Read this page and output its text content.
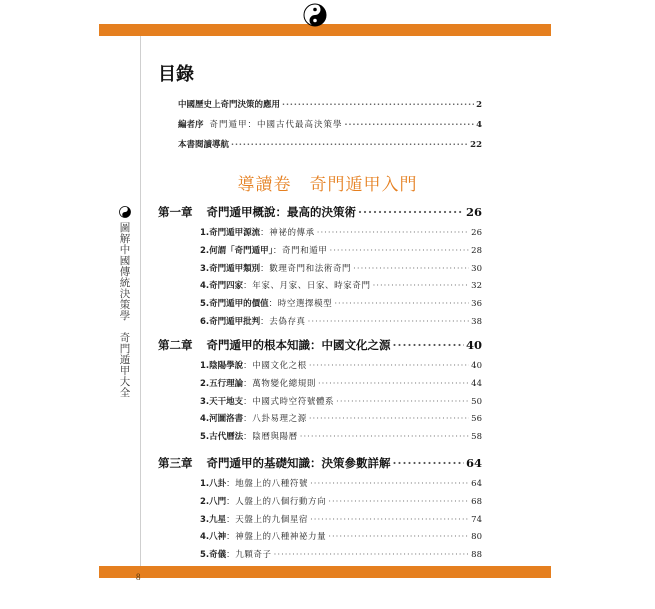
圖解中國傳統決策學　奇門遁甲大全
目錄
中國歷史上奇門決策的應用 ·····	2
編者序 奇門遁甲：中國古代最高決策學 ·····	4
本書閱讀導航 ·····	22
導讀卷　奇門遁甲入門
第一章 奇門遁甲概說：最高的決策術 ·····	26
1.奇門遁甲源流：神祕的傳承 ·····	26
2.何謂「奇門遁甲」：奇門和遁甲 ·····	28
3.奇門遁甲類別：數理奇門和法術奇門 ·····	30
4.奇門四家：年家、月家、日家、時家奇門 ·····	32
5.奇門遁甲的價值：時空選擇模型 ·····	36
6.奇門遁甲批判：去偽存真 ·····	38
第二章 奇門遁甲的根本知識：中國文化之源 ·····	40
1.陰陽學說：中國文化之根 ·····	40
2.五行理論：萬物變化總規則 ·····	44
3.天干地支：中國式時空符號體系 ·····	50
4.河圖洛書：八卦易理之源 ·····	56
5.古代曆法：陰曆與陽曆 ·····	58
第三章 奇門遁甲的基礎知識：決策參數詳解 ·····	64
1.八卦：地盤上的八種符號 ·····	64
2.八門：人盤上的八個行動方向 ·····	68
3.九星：天盤上的九個星宿 ·····	74
4.八神：神盤上的八種神祕力量 ·····	80
5.奇儀：九顆奇子 ·····	88
8
